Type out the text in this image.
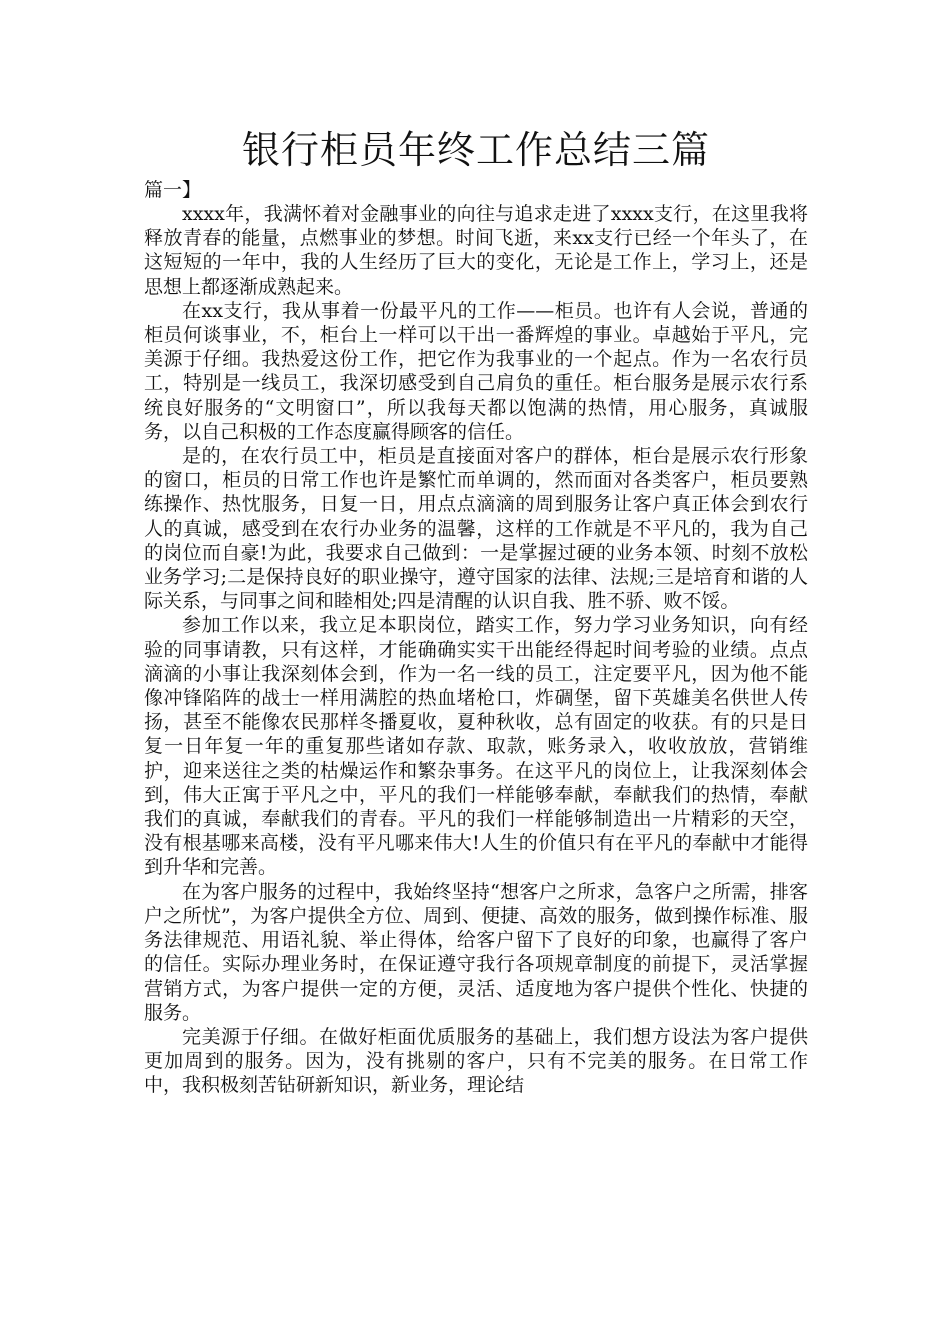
银行柜员年终工作总结三篇

篇一】

xxxx年，我满怀着对金融事业的向往与追求走进了xxxx支行，在这里我将释放青春的能量，点燃事业的梦想。时间飞逝，来xx支行已经一个年头了，在这短短的一年中，我的人生经历了巨大的变化，无论是工作上，学习上，还是思想上都逐渐成熟起来。

在xx支行，我从事着一份最平凡的工作——柜员。也许有人会说，普通的柜员何谈事业，不，柜台上一样可以干出一番辉煌的事业。卓越始于平凡，完美源于仔细。我热爱这份工作，把它作为我事业的一个起点。作为一名农行员工，特别是一线员工，我深切感受到自己肩负的重任。柜台服务是展示农行系统良好服务的“文明窗口”，所以我每天都以饱满的热情，用心服务，真诚服务，以自己积极的工作态度赢得顾客的信任。

是的，在农行员工中，柜员是直接面对客户的群体，柜台是展示农行形象的窗口，柜员的日常工作也许是繁忙而单调的，然而面对各类客户，柜员要熟练操作、热忱服务，日复一日，用点点滴滴的周到服务让客户真正体会到农行人的真诚，感受到在农行办业务的温馨，这样的工作就是不平凡的，我为自己的岗位而自豪!为此，我要求自己做到：一是掌握过硬的业务本领、时刻不放松业务学习;二是保持良好的职业操守，遵守国家的法律、法规;三是培育和谐的人际关系，与同事之间和睦相处;四是清醒的认识自我、胜不骄、败不馁。

参加工作以来，我立足本职岗位，踏实工作，努力学习业务知识，向有经验的同事请教，只有这样，才能确确实实干出能经得起时间考验的业绩。点点滴滴的小事让我深刻体会到，作为一名一线的员工，注定要平凡，因为他不能像冲锋陷阵的战士一样用满腔的热血堵枪口，炸碉堡，留下英雄美名供世人传扬，甚至不能像农民那样冬播夏收，夏种秋收，总有固定的收获。有的只是日复一日年复一年的重复那些诸如存款、取款，账务录入，收收放放，营销维护，迎来送往之类的枯燥运作和繁杂事务。在这平凡的岗位上，让我深刻体会到，伟大正寓于平凡之中，平凡的我们一样能够奉献，奉献我们的热情，奉献我们的真诚，奉献我们的青春。平凡的我们一样能够制造出一片精彩的天空，没有根基哪来高楼，没有平凡哪来伟大!人生的价值只有在平凡的奉献中才能得到升华和完善。

在为客户服务的过程中，我始终坚持“想客户之所求，急客户之所需，排客户之所忧”，为客户提供全方位、周到、便捷、高效的服务，做到操作标准、服务法律规范、用语礼貌、举止得体，给客户留下了良好的印象，也赢得了客户的信任。实际办理业务时，在保证遵守我行各项规章制度的前提下，灵活掌握营销方式，为客户提供一定的方便，灵活、适度地为客户提供个性化、快捷的服务。

完美源于仔细。在做好柜面优质服务的基础上，我们想方设法为客户提供更加周到的服务。因为，没有挑剔的客户，只有不完美的服务。在日常工作中，我积极刻苦钻研新知识，新业务，理论结
